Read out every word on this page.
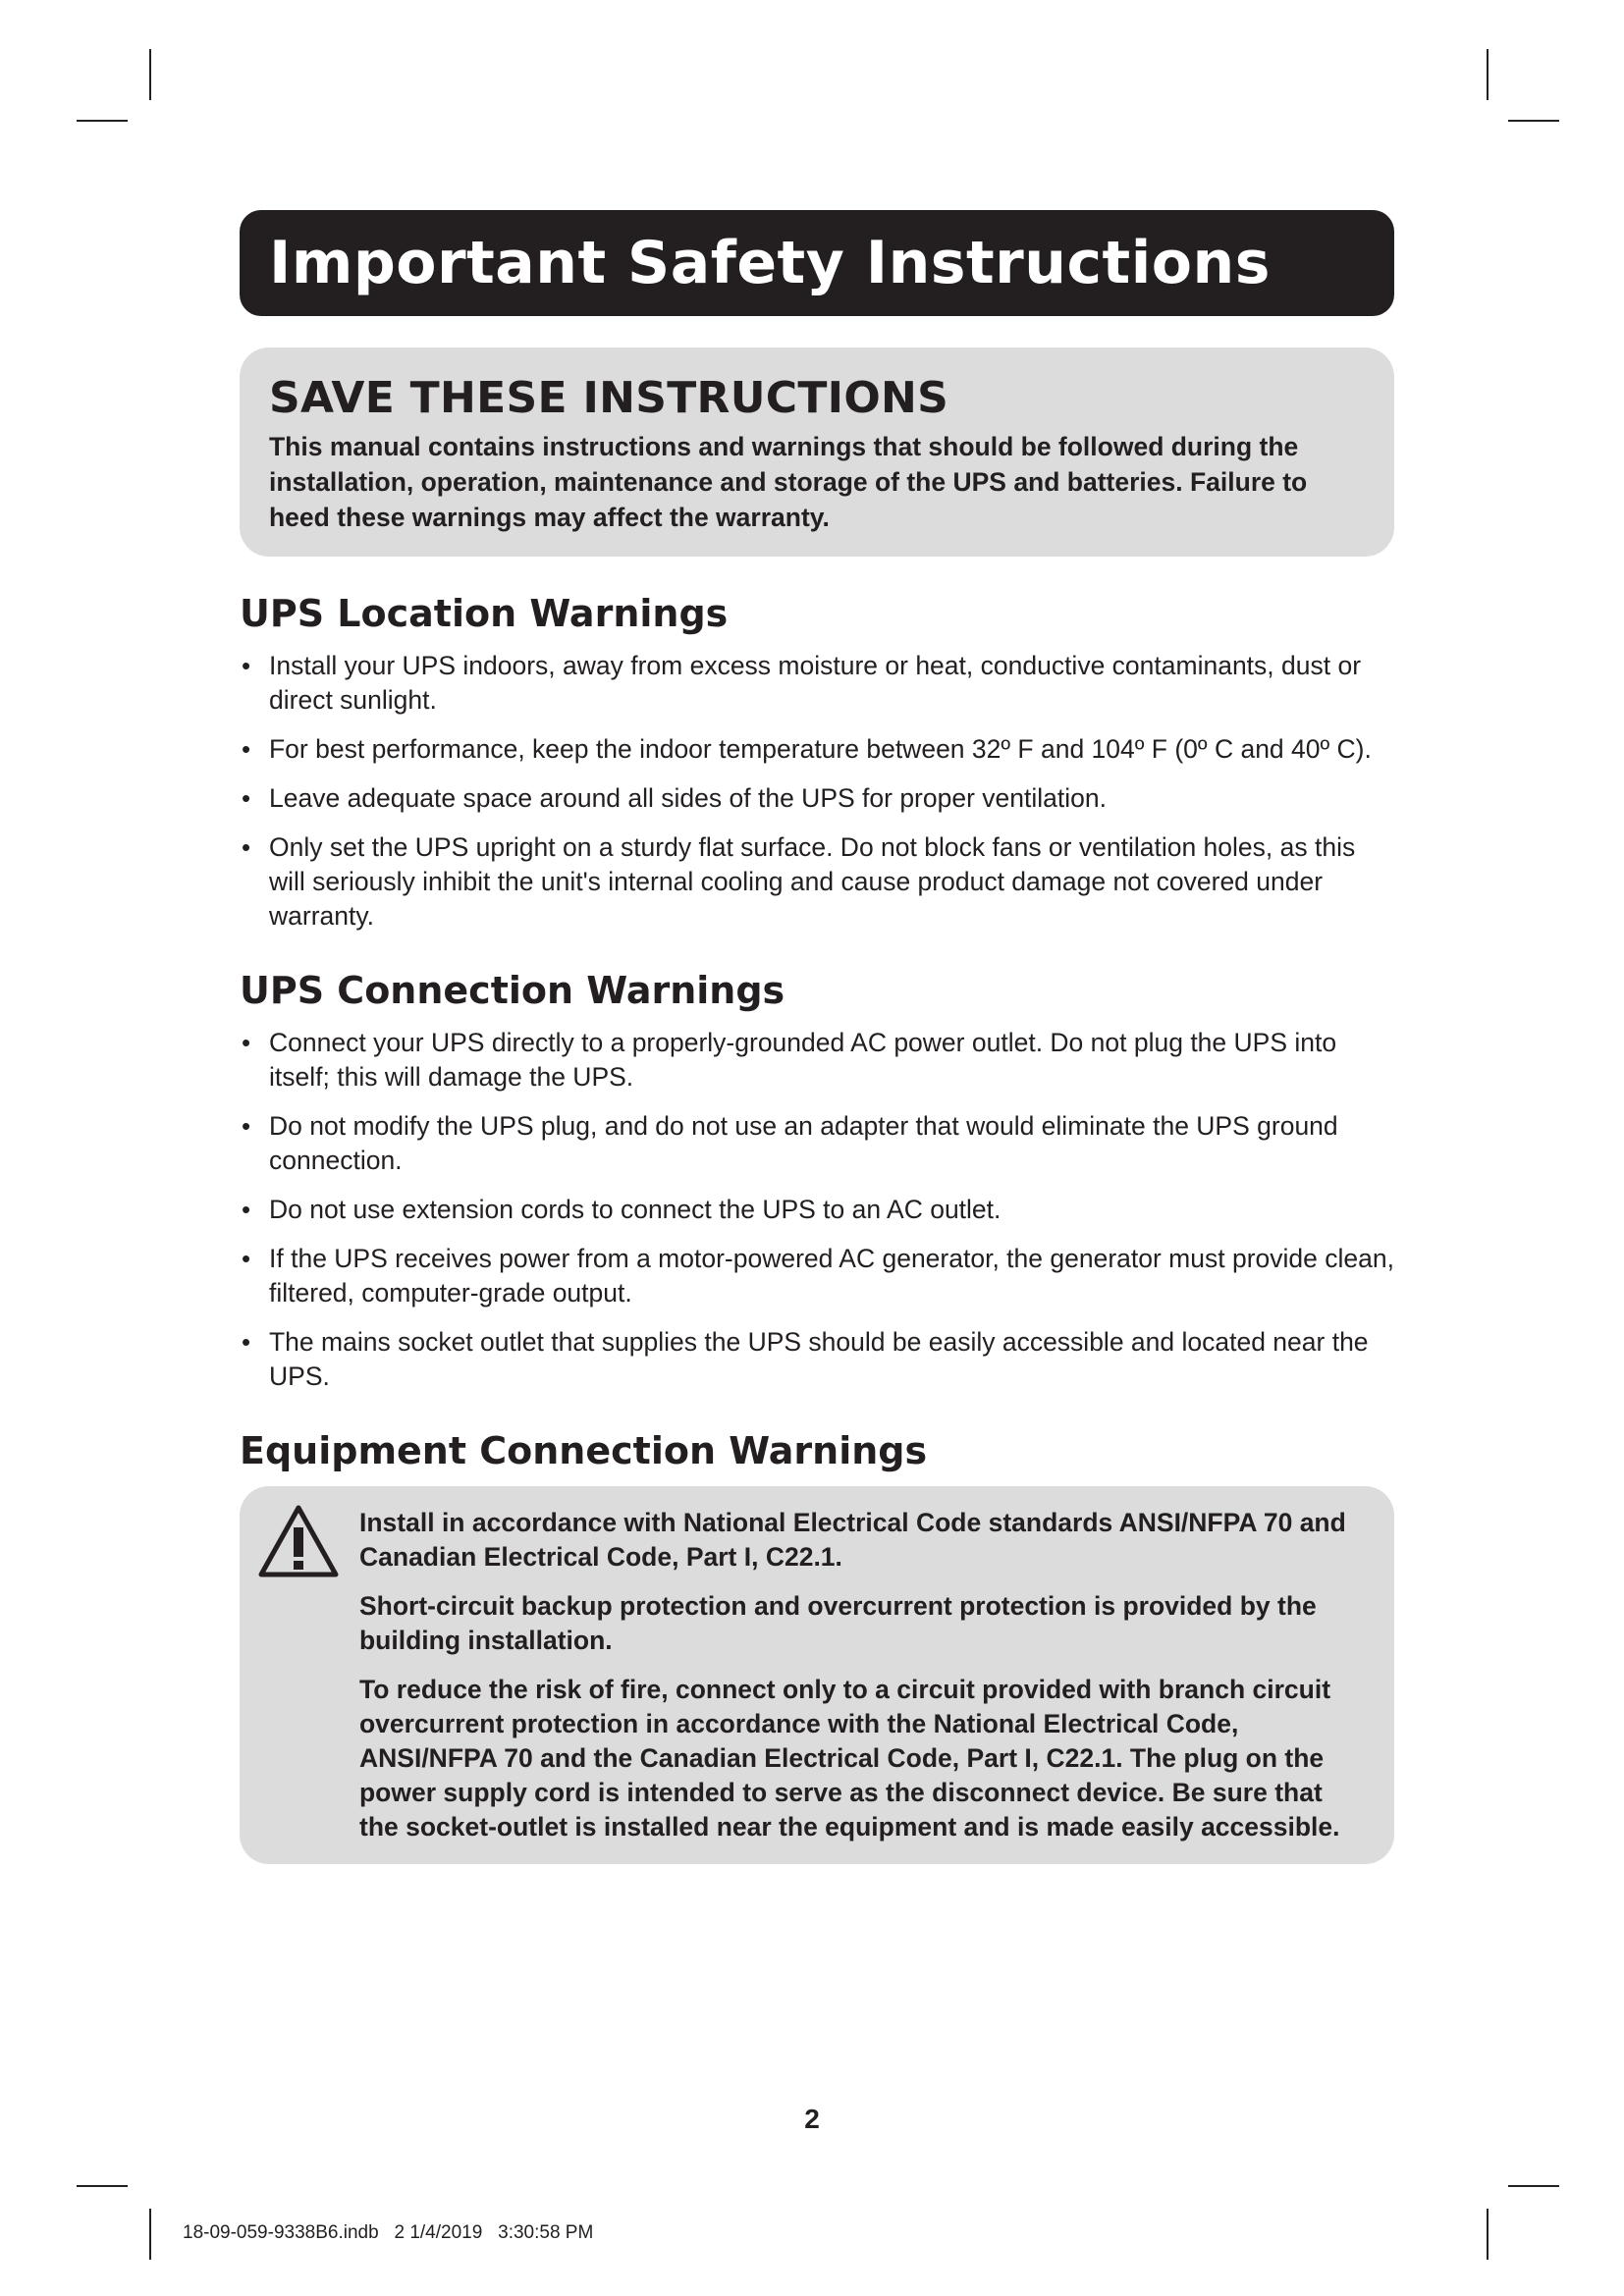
Important Safety Instructions
SAVE THESE INSTRUCTIONS

This manual contains instructions and warnings that should be followed during the installation, operation, maintenance and storage of the UPS and batteries. Failure to heed these warnings may affect the warranty.

UPS Location Warnings
• Install your UPS indoors, away from excess moisture or heat, conductive contaminants, dust or direct sunlight.
• For best performance, keep the indoor temperature between 32º F and 104º F (0º C and 40º C).
• Leave adequate space around all sides of the UPS for proper ventilation.
• Only set the UPS upright on a sturdy flat surface. Do not block fans or ventilation holes, as this will seriously inhibit the unit's internal cooling and cause product damage not covered under warranty.
UPS Connection Warnings
• Connect your UPS directly to a properly-grounded AC power outlet. Do not plug the UPS into itself; this will damage the UPS.
• Do not modify the UPS plug, and do not use an adapter that would eliminate the UPS ground connection.
• Do not use extension cords to connect the UPS to an AC outlet.
• If the UPS receives power from a motor-powered AC generator, the generator must provide clean, filtered, computer-grade output.
• The mains socket outlet that supplies the UPS should be easily accessible and located near the UPS.
Equipment Connection Warnings

Install in accordance with National Electrical Code standards ANSI/NFPA 70 and Canadian Electrical Code, Part I, C22.1.

Short-circuit backup protection and overcurrent protection is provided by the building installation.

To reduce the risk of fire, connect only to a circuit provided with branch circuit overcurrent protection in accordance with the National Electrical Code, ANSI/NFPA 70 and the Canadian Electrical Code, Part I, C22.1. The plug on the power supply cord is intended to serve as the disconnect device. Be sure that the socket-outlet is installed near the equipment and is made easily accessible.

2
18-09-059-9338B6.indb   2 1/4/2019   3:30:58 PM
